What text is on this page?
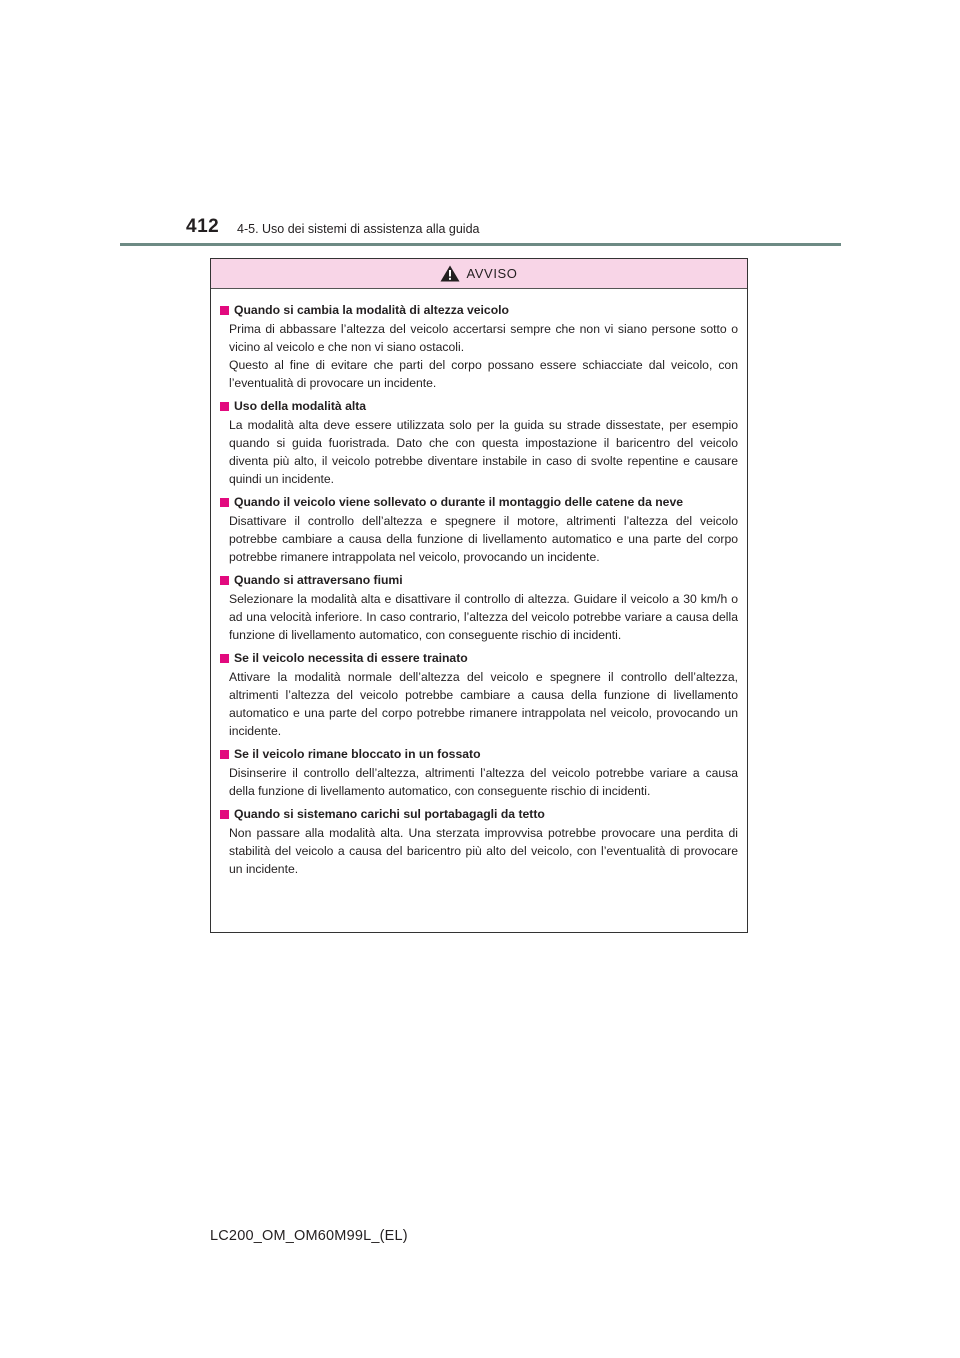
412 4-5. Uso dei sistemi di assistenza alla guida
AVVISO
Quando si cambia la modalità di altezza veicolo
Prima di abbassare l’altezza del veicolo accertarsi sempre che non vi siano persone sotto o vicino al veicolo e che non vi siano ostacoli.
Questo al fine di evitare che parti del corpo possano essere schiacciate dal veicolo, con l’eventualità di provocare un incidente.
Uso della modalità alta
La modalità alta deve essere utilizzata solo per la guida su strade dissestate, per esempio quando si guida fuoristrada. Dato che con questa impostazione il baricentro del veicolo diventa più alto, il veicolo potrebbe diventare instabile in caso di svolte repentine e causare quindi un incidente.
Quando il veicolo viene sollevato o durante il montaggio delle catene da neve
Disattivare il controllo dell’altezza e spegnere il motore, altrimenti l’altezza del veicolo potrebbe cambiare a causa della funzione di livellamento automatico e una parte del corpo potrebbe rimanere intrappolata nel veicolo, provocando un incidente.
Quando si attraversano fiumi
Selezionare la modalità alta e disattivare il controllo di altezza. Guidare il veicolo a 30 km/h o ad una velocità inferiore. In caso contrario, l’altezza del veicolo potrebbe variare a causa della funzione di livellamento automatico, con conseguente rischio di incidenti.
Se il veicolo necessita di essere trainato
Attivare la modalità normale dell’altezza del veicolo e spegnere il controllo dell’altezza, altrimenti l’altezza del veicolo potrebbe cambiare a causa della funzione di livellamento automatico e una parte del corpo potrebbe rimanere intrappolata nel veicolo, provocando un incidente.
Se il veicolo rimane bloccato in un fossato
Disinserire il controllo dell’altezza, altrimenti l’altezza del veicolo potrebbe variare a causa della funzione di livellamento automatico, con conseguente rischio di incidenti.
Quando si sistemano carichi sul portabagagli da tetto
Non passare alla modalità alta. Una sterzata improvvisa potrebbe provocare una perdita di stabilità del veicolo a causa del baricentro più alto del veicolo, con l’eventualità di provocare un incidente.
LC200_OM_OM60M99L_(EL)
